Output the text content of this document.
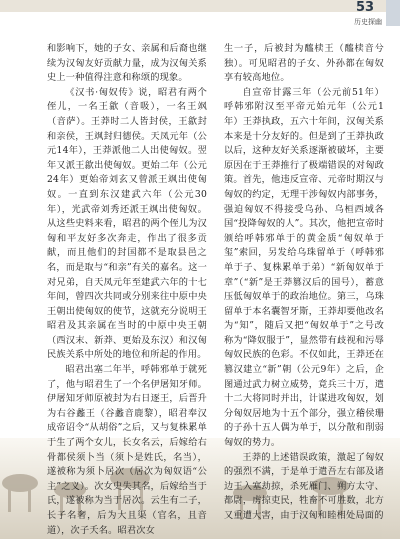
53
历史探幽

和影响下，她的子女、亲属和后裔也继续为汉匈友好贡献力量，成为汉匈关系史上一种值得注意和称颂的现象。

《汉书·匈奴传》说，昭君有两个侄儿，一名王歙（音吸），一名王飒（音萨）。王莽时二人皆封侯，王歙封和亲侯，王飒封归德侯。天凤元年（公元14年），王莽派他二人出使匈奴。翌年又派王歙出使匈奴。更始二年（公元24年）更始帝刘玄又曾派王飒出使匈奴。一直到东汉建武六年（公元30年），光武帝刘秀还派王飒出使匈奴。从这些史料来看，昭君的两个侄儿为汉匈和平友好多次奔走，作出了很多贡献，而且他们的封国都不是取县邑之名，而是取与“和亲”有关的嘉名。这一对兄弟，自天凤元年至建武六年的十七年间，曾四次共同或分别来往中原中央王朝出使匈奴的使节，这就充分说明王昭君及其亲属在当时的中原中央王朝（西汉末、新莽、更始及东汉）和汉匈民族关系中所处的地位和所起的作用。

昭君出塞二年半，呼韩邪单于就死了，他与昭君生了一个名伊屠知牙师。伊屠知牙师原被封为右日逐王，后晋升为右谷蠡王（谷蠡音鹿黎），昭君奉汉成帝诏令“从胡俗”之后，又与复株累单于生了两个女儿，长女名云，后嫁给右骨都侯须卜当（须卜是姓氏，名当），遂被称为须卜居次（居次为匈奴语“公主”之义）。次女史失其名，后嫁给当于氏，遂被称为当于居次。云生有二子，长子名奢，后为大且渠（官名，且音道），次子夭名。昭君次女

生一子，后被封为醯椟王（醯椟音兮独）。可见昭君的子女、外孙都在匈奴享有较高地位。

自宣帝甘露三年（公元前51年）呼韩邪附汉至平帝元始元年（公元1年）王莽执政，五六十年间，汉匈关系本来是十分友好的。但是到了王莽执政以后，这种友好关系逐渐被破坏，主要原因在于王莽推行了极端错误的对匈政策。首先，他违反宣帝、元帝时期汉与匈奴的约定，无理干涉匈奴内部事务，强迫匈奴不得接受乌孙、乌桓西域各国“投降匈奴的人”。其次，他把宣帝时颁给呼韩邪单于的黄金质“匈奴单于玺”索回，另发给乌珠留单于（呼韩邪单于子、复株累单于弟）“新匈奴单于章”（“新”是王莽篡汉后的国号），蓄意压低匈奴单于的政治地位。第三，乌珠留单于本名囊智牙斯，王莽却要他改名为“知”，随后又把“匈奴单于”之号改称为“降奴服于”，显然带有歧视和污辱匈奴民族的色彩。不仅如此，王莽还在篡汉建立“新”朝（公元9年）之后，企图通过武力树立威势，竟兵三十万，遣十二大将同时并出，计谋进攻匈奴，划分匈奴居地为十五个部分，强立稽侯珊的子孙十五人偶为单于，以分散和削弱匈奴的势力。

王莽的上述错误政策，激起了匈奴的强烈不满，于是单于遣吾左右部及诸边王入塞劫掠，杀死雁门、朔方太守、都尉，虏掠吏民，牲畜不可胜数，北方又重遭大害，由于汉匈和睦相处局面的
